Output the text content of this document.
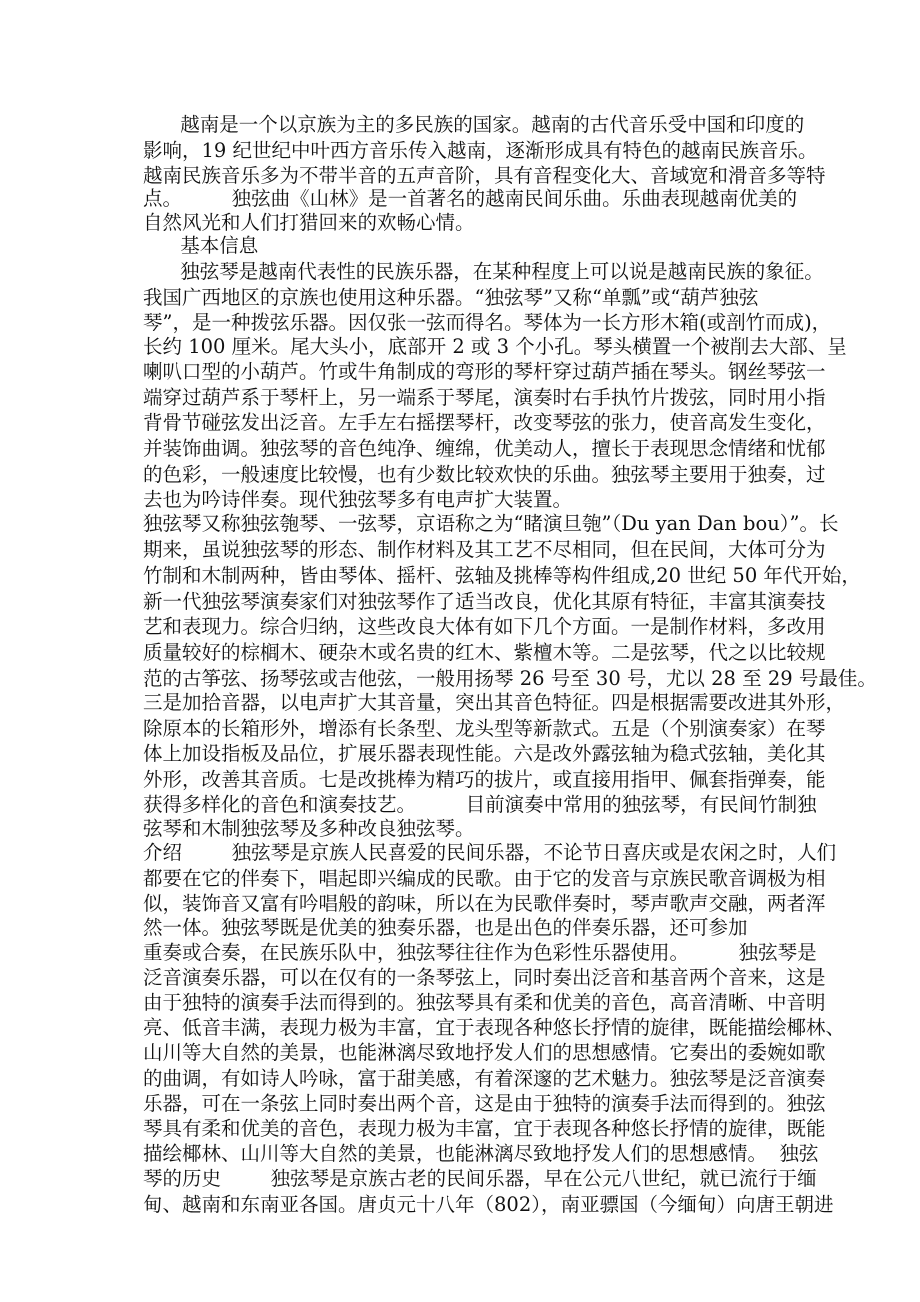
越南是一个以京族为主的多民族的国家。越南的古代音乐受中国和印度的
影响，19 纪世纪中叶西方音乐传入越南，逐渐形成具有特色的越南民族音乐。
越南民族音乐多为不带半音的五声音阶，具有音程变化大、音域宽和滑音多等特
点。        独弦曲《山林》是一首著名的越南民间乐曲。乐曲表现越南优美的
自然风光和人们打猎回来的欢畅心情。
基本信息
独弦琴是越南代表性的民族乐器，在某种程度上可以说是越南民族的象征。
我国广西地区的京族也使用这种乐器。“独弦琴”又称“单瓢”或“葫芦独弦
琴”，是一种拨弦乐器。因仅张一弦而得名。琴体为一长方形木箱(或剖竹而成)，
长约 100 厘米。尾大头小，底部开 2 或 3 个小孔。琴头横置一个被削去大部、呈
喇叭口型的小葫芦。竹或牛角制成的弯形的琴杆穿过葫芦插在琴头。钢丝琴弦一
端穿过葫芦系于琴杆上，另一端系于琴尾，演奏时右手执竹片拨弦，同时用小指
背骨节碰弦发出泛音。左手左右摇摆琴杆，改变琴弦的张力，使音高发生变化，
并装饰曲调。独弦琴的音色纯净、缠绵，优美动人，擅长于表现思念情绪和忧郁
的色彩，一般速度比较慢，也有少数比较欢快的乐曲。独弦琴主要用于独奏，过
去也为吟诗伴奏。现代独弦琴多有电声扩大装置。
独弦琴又称独弦匏琴、一弦琴，京语称之为“睹演旦匏”（Du yan Dan bou）”。长
期来，虽说独弦琴的形态、制作材料及其工艺不尽相同，但在民间，大体可分为
竹制和木制两种，皆由琴体、摇杆、弦轴及挑棒等构件组成,20 世纪 50 年代开始，
新一代独弦琴演奏家们对独弦琴作了适当改良，优化其原有特征，丰富其演奏技
艺和表现力。综合归纳，这些改良大体有如下几个方面。一是制作材料，多改用
质量较好的棕榈木、硬杂木或名贵的红木、紫檀木等。二是弦琴，代之以比较规
范的古筝弦、扬琴弦或吉他弦，一般用扬琴 26 号至 30 号，尤以 28 至 29 号最佳。
三是加拾音器，以电声扩大其音量，突出其音色特征。四是根据需要改进其外形，
除原本的长箱形外，增添有长条型、龙头型等新款式。五是（个别演奏家）在琴
体上加设指板及品位，扩展乐器表现性能。六是改外露弦轴为稳式弦轴，美化其
外形，改善其音质。七是改挑棒为精巧的拔片，或直接用指甲、佩套指弹奏，能
获得多样化的音色和演奏技艺。        目前演奏中常用的独弦琴，有民间竹制独
弦琴和木制独弦琴及多种改良独弦琴。
介绍        独弦琴是京族人民喜爱的民间乐器，不论节日喜庆或是农闲之时，人们
都要在它的伴奏下，唱起即兴编成的民歌。由于它的发音与京族民歌音调极为相
似，装饰音又富有吟唱般的韵味，所以在为民歌伴奏时，琴声歌声交融，两者浑
然一体。独弦琴既是优美的独奏乐器，也是出色的伴奏乐器，还可参加
重奏或合奏，在民族乐队中，独弦琴往往作为色彩性乐器使用。        独弦琴是
泛音演奏乐器，可以在仅有的一条琴弦上，同时奏出泛音和基音两个音来，这是
由于独特的演奏手法而得到的。独弦琴具有柔和优美的音色，高音清晰、中音明
亮、低音丰满，表现力极为丰富，宜于表现各种悠长抒情的旋律，既能描绘椰林、
山川等大自然的美景，也能淋漓尽致地抒发人们的思想感情。它奏出的委婉如歌
的曲调，有如诗人吟咏，富于甜美感，有着深邃的艺术魅力。独弦琴是泛音演奏
乐器，可在一条弦上同时奏出两个音，这是由于独特的演奏手法而得到的。独弦
琴具有柔和优美的音色，表现力极为丰富，宜于表现各种悠长抒情的旋律，既能
描绘椰林、山川等大自然的美景，也能淋漓尽致地抒发人们的思想感情。  独弦
琴的历史        独弦琴是京族古老的民间乐器，早在公元八世纪，就已流行于缅
甸、越南和东南亚各国。唐贞元十八年（802），南亚骠国（今缅甸）向唐王朝进
